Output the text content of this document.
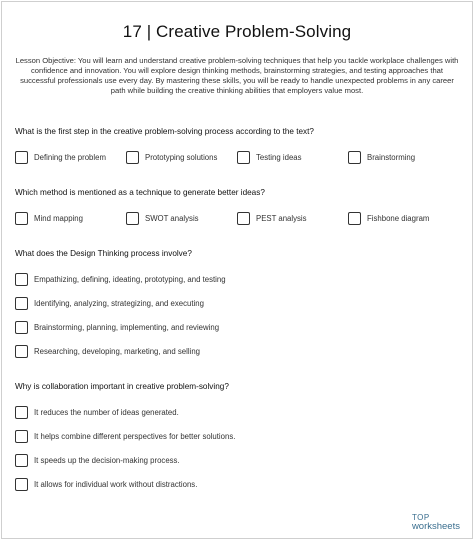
17 | Creative Problem-Solving
Lesson Objective: You will learn and understand creative problem-solving techniques that help you tackle workplace challenges with confidence and innovation. You will explore design thinking methods, brainstorming strategies, and testing approaches that successful professionals use every day. By mastering these skills, you will be ready to handle unexpected problems in any career path while building the creative thinking abilities that employers value most.
What is the first step in the creative problem-solving process according to the text?
Defining the problem	Prototyping solutions	Testing ideas	Brainstorming
Which method is mentioned as a technique to generate better ideas?
Mind mapping	SWOT analysis	PEST analysis	Fishbone diagram
What does the Design Thinking process involve?
Empathizing, defining, ideating, prototyping, and testing
Identifying, analyzing, strategizing, and executing
Brainstorming, planning, implementing, and reviewing
Researching, developing, marketing, and selling
Why is collaboration important in creative problem-solving?
It reduces the number of ideas generated.
It helps combine different perspectives for better solutions.
It speeds up the decision-making process.
It allows for individual work without distractions.
TOP
worksheets
